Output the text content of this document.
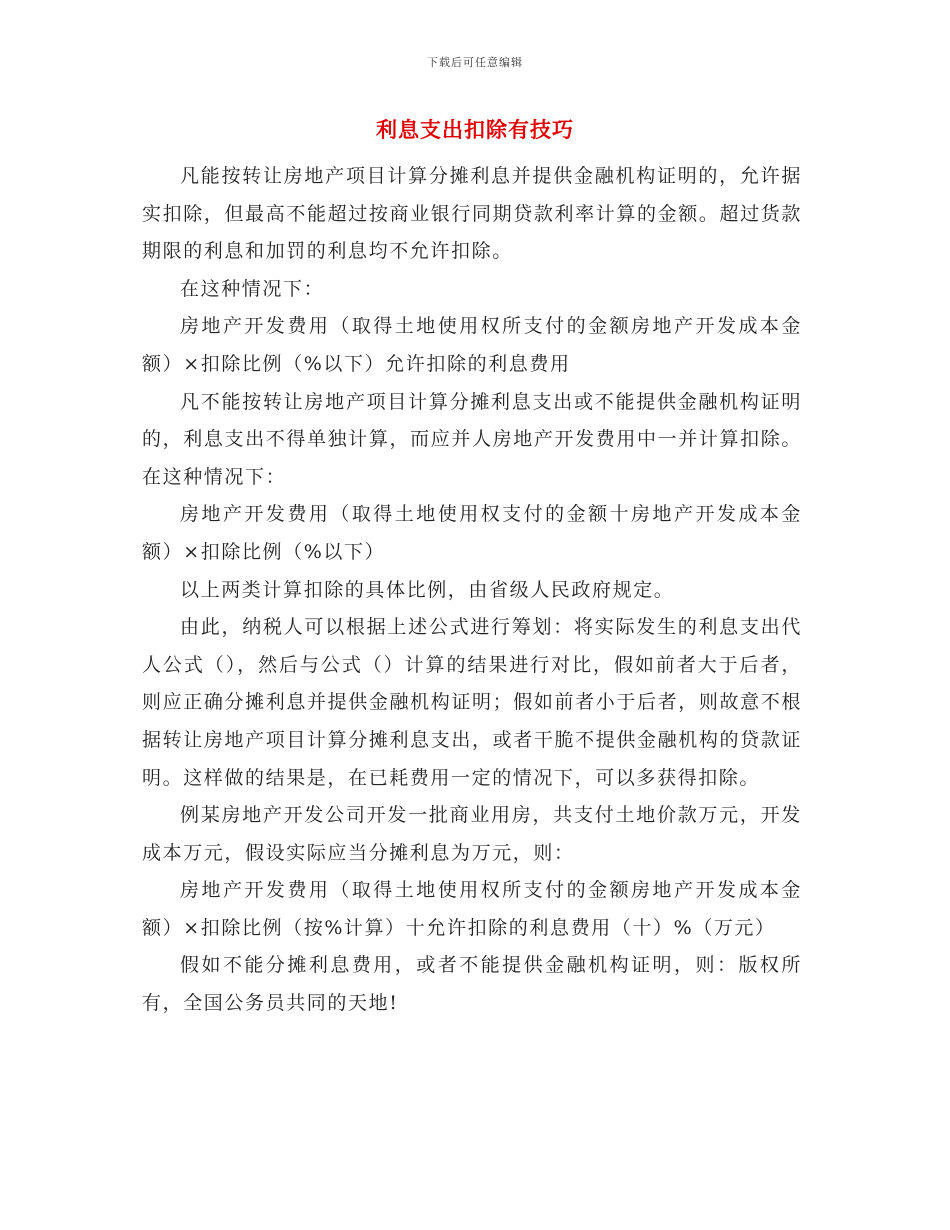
下载后可任意编辑
利息支出扣除有技巧

凡能按转让房地产项目计算分摊利息并提供金融机构证明的，允许据实扣除，但最高不能超过按商业银行同期贷款利率计算的金额。超过货款期限的利息和加罚的利息均不允许扣除。

在这种情况下：

房地产开发费用（取得土地使用权所支付的金额房地产开发成本金额）×扣除比例（%以下）允许扣除的利息费用

凡不能按转让房地产项目计算分摊利息支出或不能提供金融机构证明的，利息支出不得单独计算，而应并人房地产开发费用中一并计算扣除。在这种情况下：

房地产开发费用（取得土地使用权支付的金额十房地产开发成本金额）×扣除比例（%以下）

以上两类计算扣除的具体比例，由省级人民政府规定。

由此，纳税人可以根据上述公式进行筹划：将实际发生的利息支出代人公式（），然后与公式（）计算的结果进行对比，假如前者大于后者，则应正确分摊利息并提供金融机构证明；假如前者小于后者，则故意不根据转让房地产项目计算分摊利息支出，或者干脆不提供金融机构的贷款证明。这样做的结果是，在已耗费用一定的情况下，可以多获得扣除。

例某房地产开发公司开发一批商业用房，共支付土地价款万元，开发成本万元，假设实际应当分摊利息为万元，则：

房地产开发费用（取得土地使用权所支付的金额房地产开发成本金额）×扣除比例（按%计算）十允许扣除的利息费用（十）%（万元）

假如不能分摊利息费用，或者不能提供金融机构证明，则：版权所有，全国公务员共同的天地!
